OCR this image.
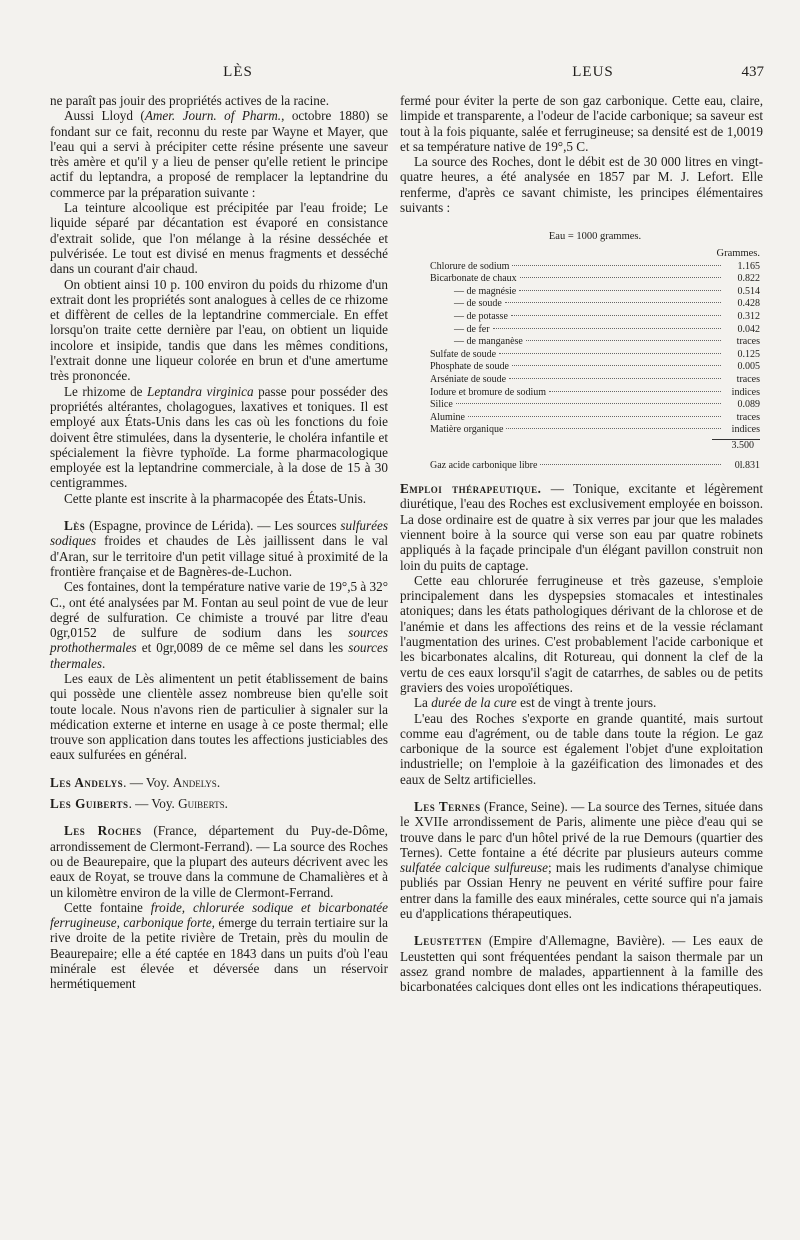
LÈS	LEUS	437

ne paraît pas jouir des propriétés actives de la racine.

Aussi Lloyd (Amer. Journ. of Pharm., octobre 1880) se fondant sur ce fait, reconnu du reste par Wayne et Mayer, que l'eau qui a servi à précipiter cette résine présente une saveur très amère et qu'il y a lieu de penser qu'elle retient le principe actif du leptandra, a proposé de remplacer la leptandrine du commerce par la préparation suivante :

La teinture alcoolique est précipitée par l'eau froide; Le liquide séparé par décantation est évaporé en consistance d'extrait solide, que l'on mélange à la résine desséchée et pulvérisée. Le tout est divisé en menus fragments et desséché dans un courant d'air chaud.

On obtient ainsi 10 p. 100 environ du poids du rhizome d'un extrait dont les propriétés sont analogues à celles de ce rhizome et diffèrent de celles de la leptandrine commerciale. En effet lorsqu'on traite cette dernière par l'eau, on obtient un liquide incolore et insipide, tandis que dans les mêmes conditions, l'extrait donne une liqueur colorée en brun et d'une amertume très prononcée.

Le rhizome de Leptandra virginica passe pour posséder des propriétés altérantes, cholagogues, laxatives et toniques. Il est employé aux États-Unis dans les cas où les fonctions du foie doivent être stimulées, dans la dysenterie, le choléra infantile et spécialement la fièvre typhoïde. La forme pharmacologique employée est la leptandrine commerciale, à la dose de 15 à 30 centigrammes.

Cette plante est inscrite à la pharmacopée des États-Unis.

Lès (Espagne, province de Lérida). — Les sources sulfurées sodiques froides et chaudes de Lès jaillissent dans le val d'Aran, sur le territoire d'un petit village situé à proximité de la frontière française et de Bagnères-de-Luchon.

Ces fontaines, dont la température native varie de 19°,5 à 32° C., ont été analysées par M. Fontan au seul point de vue de leur degré de sulfuration. Ce chimiste a trouvé par litre d'eau 0gr,0152 de sulfure de sodium dans les sources prothothermales et 0gr,0089 de ce même sel dans les sources thermales.

Les eaux de Lès alimentent un petit établissement de bains qui possède une clientèle assez nombreuse bien qu'elle soit toute locale. Nous n'avons rien de particulier à signaler sur la médication externe et interne en usage à ce poste thermal; elle trouve son application dans toutes les affections justiciables des eaux sulfurées en général.

Les Andelys. — Voy. Andelys.

Les Guiberts. — Voy. Guiberts.

Les Roches (France, département du Puy-de-Dôme, arrondissement de Clermont-Ferrand). — La source des Roches ou de Beaurepaire, que la plupart des auteurs décrivent avec les eaux de Royat, se trouve dans la commune de Chamalières et à un kilomètre environ de la ville de Clermont-Ferrand.

Cette fontaine froide, chlorurée sodique et bicarbonatée ferrugineuse, carbonique forte, émerge du terrain tertiaire sur la rive droite de la petite rivière de Tretain, près du moulin de Beaurepaire; elle a été captée en 1843 dans un puits d'où l'eau minérale est élevée et déversée dans un réservoir hermétiquement

fermé pour éviter la perte de son gaz carbonique. Cette eau, claire, limpide et transparente, a l'odeur de l'acide carbonique; sa saveur est tout à la fois piquante, salée et ferrugineuse; sa densité est de 1,0019 et sa température native de 19°,5 C.

La source des Roches, dont le débit est de 30 000 litres en vingt-quatre heures, a été analysée en 1857 par M. J. Lefort. Elle renferme, d'après ce savant chimiste, les principes élémentaires suivants :

Eau = 1000 grammes.
Grammes.
Chlorure de sodium	1.165
Bicarbonate de chaux	0.822
— de magnésie	0.514
— de soude	0.428
— de potasse	0.312
— de fer	0.042
— de manganèse	traces
Sulfate de soude	0.125
Phosphate de soude	0.005
Arséniate de soude	traces
Iodure et bromure de sodium	indices
Silice	0.089
Alumine	traces
Matière organique	indices
3.500
Gaz acide carbonique libre	0l.831

Emploi thérapeutique. — Tonique, excitante et légèrement diurétique, l'eau des Roches est exclusivement employée en boisson. La dose ordinaire est de quatre à six verres par jour que les malades viennent boire à la source qui verse son eau par quatre robinets appliqués à la façade principale d'un élégant pavillon construit non loin du puits de captage.

Cette eau chlorurée ferrugineuse et très gazeuse, s'emploie principalement dans les dyspepsies stomacales et intestinales atoniques; dans les états pathologiques dérivant de la chlorose et de l'anémie et dans les affections des reins et de la vessie réclamant l'augmentation des urines. C'est probablement l'acide carbonique et les bicarbonates alcalins, dit Rotureau, qui donnent la clef de la vertu de ces eaux lorsqu'il s'agit de catarrhes, de sables ou de petits graviers des voies uropoïétiques.

La durée de la cure est de vingt à trente jours.

L'eau des Roches s'exporte en grande quantité, mais surtout comme eau d'agrément, ou de table dans toute la région. Le gaz carbonique de la source est également l'objet d'une exploitation industrielle; on l'emploie à la gazéification des limonades et des eaux de Seltz artificielles.

Les Ternes (France, Seine). — La source des Ternes, située dans le XVIIe arrondissement de Paris, alimente une pièce d'eau qui se trouve dans le parc d'un hôtel privé de la rue Demours (quartier des Ternes). Cette fontaine a été décrite par plusieurs auteurs comme sulfatée calcique sulfureuse; mais les rudiments d'analyse chimique publiés par Ossian Henry ne peuvent en vérité suffire pour faire entrer dans la famille des eaux minérales, cette source qui n'a jamais eu d'applications thérapeutiques.

Leustetten (Empire d'Allemagne, Bavière). — Les eaux de Leustetten qui sont fréquentées pendant la saison thermale par un assez grand nombre de malades, appartiennent à la famille des bicarbonatées calciques dont elles ont les indications thérapeutiques.
